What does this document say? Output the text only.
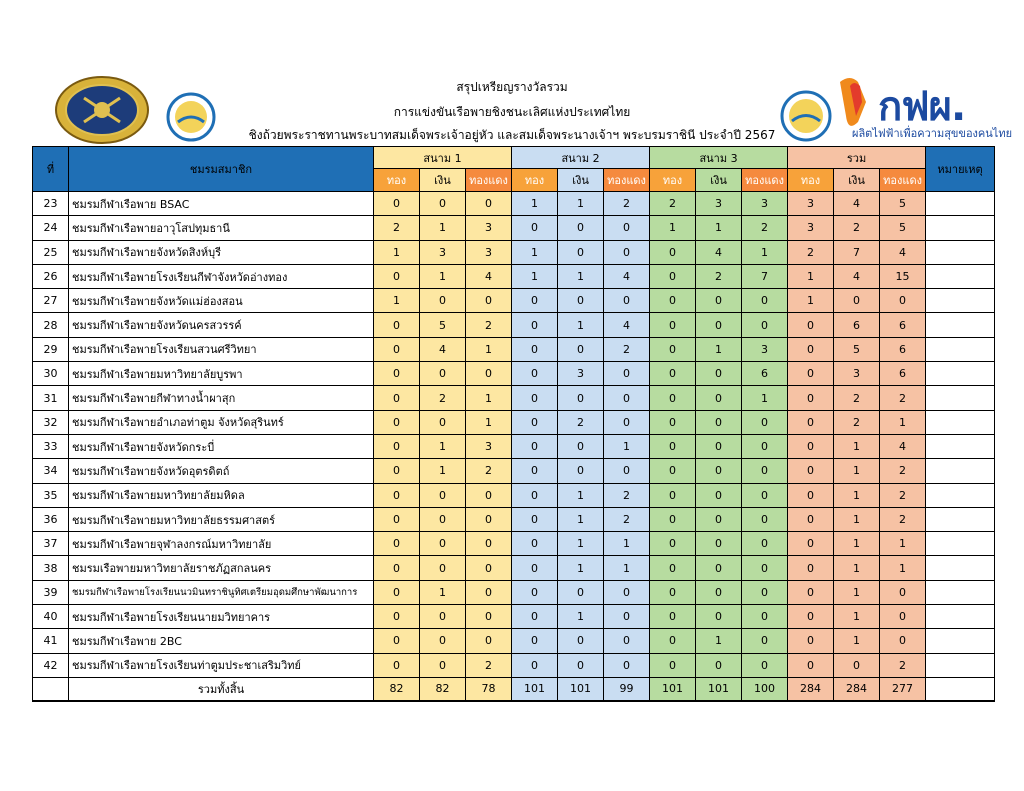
สรุปเหรียญรางวัลรวม
การแข่งขันเรือพายชิงชนะเลิศแห่งประเทศไทย
ชิงถ้วยพระราชทานพระบาทสมเด็จพระเจ้าอยู่หัว และสมเด็จพระนางเจ้าฯ พระบรมราชินี ประจำปี 2567
กฟผ.
ผลิตไฟฟ้าเพื่อความสุขของคนไทย
ที่	ชมรมสมาชิก	สนาม 1			สนาม 2			สนาม 3			รวม			หมายเหตุ
		ทอง	เงิน	ทองแดง	ทอง	เงิน	ทองแดง	ทอง	เงิน	ทองแดง	ทอง	เงิน	ทองแดง	
23	ชมรมกีฬาเรือพาย BSAC	0	0	0	1	1	2	2	3	3	3	4	5	
24	ชมรมกีฬาเรือพายอาวุโสปทุมธานี	2	1	3	0	0	0	1	1	2	3	2	5	
25	ชมรมกีฬาเรือพายจังหวัดสิงห์บุรี	1	3	3	1	0	0	0	4	1	2	7	4	
26	ชมรมกีฬาเรือพายโรงเรียนกีฬาจังหวัดอ่างทอง	0	1	4	1	1	4	0	2	7	1	4	15	
27	ชมรมกีฬาเรือพายจังหวัดแม่ฮ่องสอน	1	0	0	0	0	0	0	0	0	1	0	0	
28	ชมรมกีฬาเรือพายจังหวัดนครสวรรค์	0	5	2	0	1	4	0	0	0	0	6	6	
29	ชมรมกีฬาเรือพายโรงเรียนสวนศรีวิทยา	0	4	1	0	0	2	0	1	3	0	5	6	
30	ชมรมกีฬาเรือพายมหาวิทยาลัยบูรพา	0	0	0	0	3	0	0	0	6	0	3	6	
31	ชมรมกีฬาเรือพายกีฬาทางน้ำผาสุก	0	2	1	0	0	0	0	0	1	0	2	2	
32	ชมรมกีฬาเรือพายอำเภอท่าตูม จังหวัดสุรินทร์	0	0	1	0	2	0	0	0	0	0	2	1	
33	ชมรมกีฬาเรือพายจังหวัดกระบี่	0	1	3	0	0	1	0	0	0	0	1	4	
34	ชมรมกีฬาเรือพายจังหวัดอุตรดิตถ์	0	1	2	0	0	0	0	0	0	0	1	2	
35	ชมรมกีฬาเรือพายมหาวิทยาลัยมหิดล	0	0	0	0	1	2	0	0	0	0	1	2	
36	ชมรมกีฬาเรือพายมหาวิทยาลัยธรรมศาสตร์	0	0	0	0	1	2	0	0	0	0	1	2	
37	ชมรมกีฬาเรือพายจุฬาลงกรณ์มหาวิทยาลัย	0	0	0	0	1	1	0	0	0	0	1	1	
38	ชมรมเรือพายมหาวิทยาลัยราชภัฏสกลนคร	0	0	0	0	1	1	0	0	0	0	1	1	
39	ชมรมกีฬาเรือพายโรงเรียนนวมินทราชินูทิศเตรียมอุดมศึกษาพัฒนาการ	0	1	0	0	0	0	0	0	0	0	1	0	
40	ชมรมกีฬาเรือพายโรงเรียนนายมวิทยาคาร	0	0	0	0	1	0	0	0	0	0	1	0	
41	ชมรมกีฬาเรือพาย 2BC	0	0	0	0	0	0	0	1	0	0	1	0	
42	ชมรมกีฬาเรือพายโรงเรียนท่าตูมประชาเสริมวิทย์	0	0	2	0	0	0	0	0	0	0	0	2	
	รวมทั้งสิ้น	82	82	78	101	101	99	101	101	100	284	284	277	
